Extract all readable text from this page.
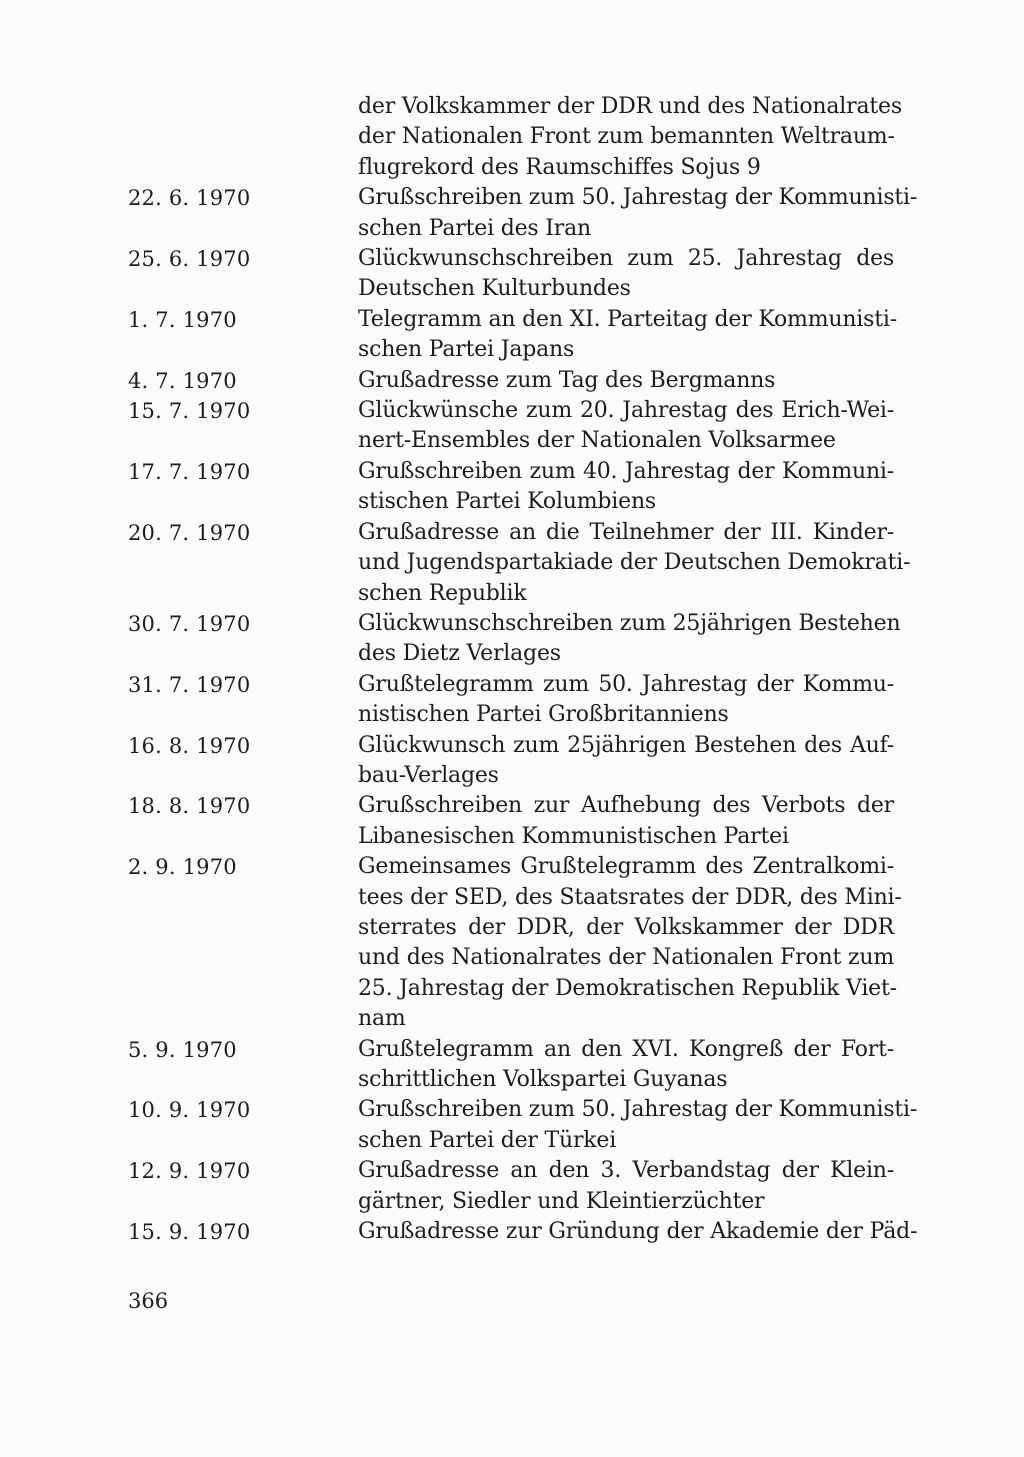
der Volkskammer der DDR und des Nationalrates
der Nationalen Front zum bemannten Weltraum-
flugrekord des Raumschiffes Sojus 9
22. 6. 1970	Grußschreiben zum 50. Jahrestag der Kommunisti-
schen Partei des Iran
25. 6. 1970	Glückwunschschreiben zum 25. Jahrestag des
Deutschen Kulturbundes
1. 7. 1970	Telegramm an den XI. Parteitag der Kommunisti-
schen Partei Japans
4. 7. 1970	Grußadresse zum Tag des Bergmanns
15. 7. 1970	Glückwünsche zum 20. Jahrestag des Erich-Wei-
nert-Ensembles der Nationalen Volksarmee
17. 7. 1970	Grußschreiben zum 40. Jahrestag der Kommuni-
stischen Partei Kolumbiens
20. 7. 1970	Grußadresse an die Teilnehmer der III. Kinder-
und Jugendspartakiade der Deutschen Demokrati-
schen Republik
30. 7. 1970	Glückwunschschreiben zum 25jährigen Bestehen
des Dietz Verlages
31. 7. 1970	Grußtelegramm zum 50. Jahrestag der Kommu-
nistischen Partei Großbritanniens
16. 8. 1970	Glückwunsch zum 25jährigen Bestehen des Auf-
bau-Verlages
18. 8. 1970	Grußschreiben zur Aufhebung des Verbots der
Libanesischen Kommunistischen Partei
2. 9. 1970	Gemeinsames Grußtelegramm des Zentralkomi-
tees der SED, des Staatsrates der DDR, des Mini-
sterrates der DDR, der Volkskammer der DDR
und des Nationalrates der Nationalen Front zum
25. Jahrestag der Demokratischen Republik Viet-
nam
5. 9. 1970	Grußtelegramm an den XVI. Kongreß der Fort-
schrittlichen Volkspartei Guyanas
10. 9. 1970	Grußschreiben zum 50. Jahrestag der Kommunisti-
schen Partei der Türkei
12. 9. 1970	Grußadresse an den 3. Verbandstag der Klein-
gärtner, Siedler und Kleintierzüchter
15. 9. 1970	Grußadresse zur Gründung der Akademie der Päd-
366
